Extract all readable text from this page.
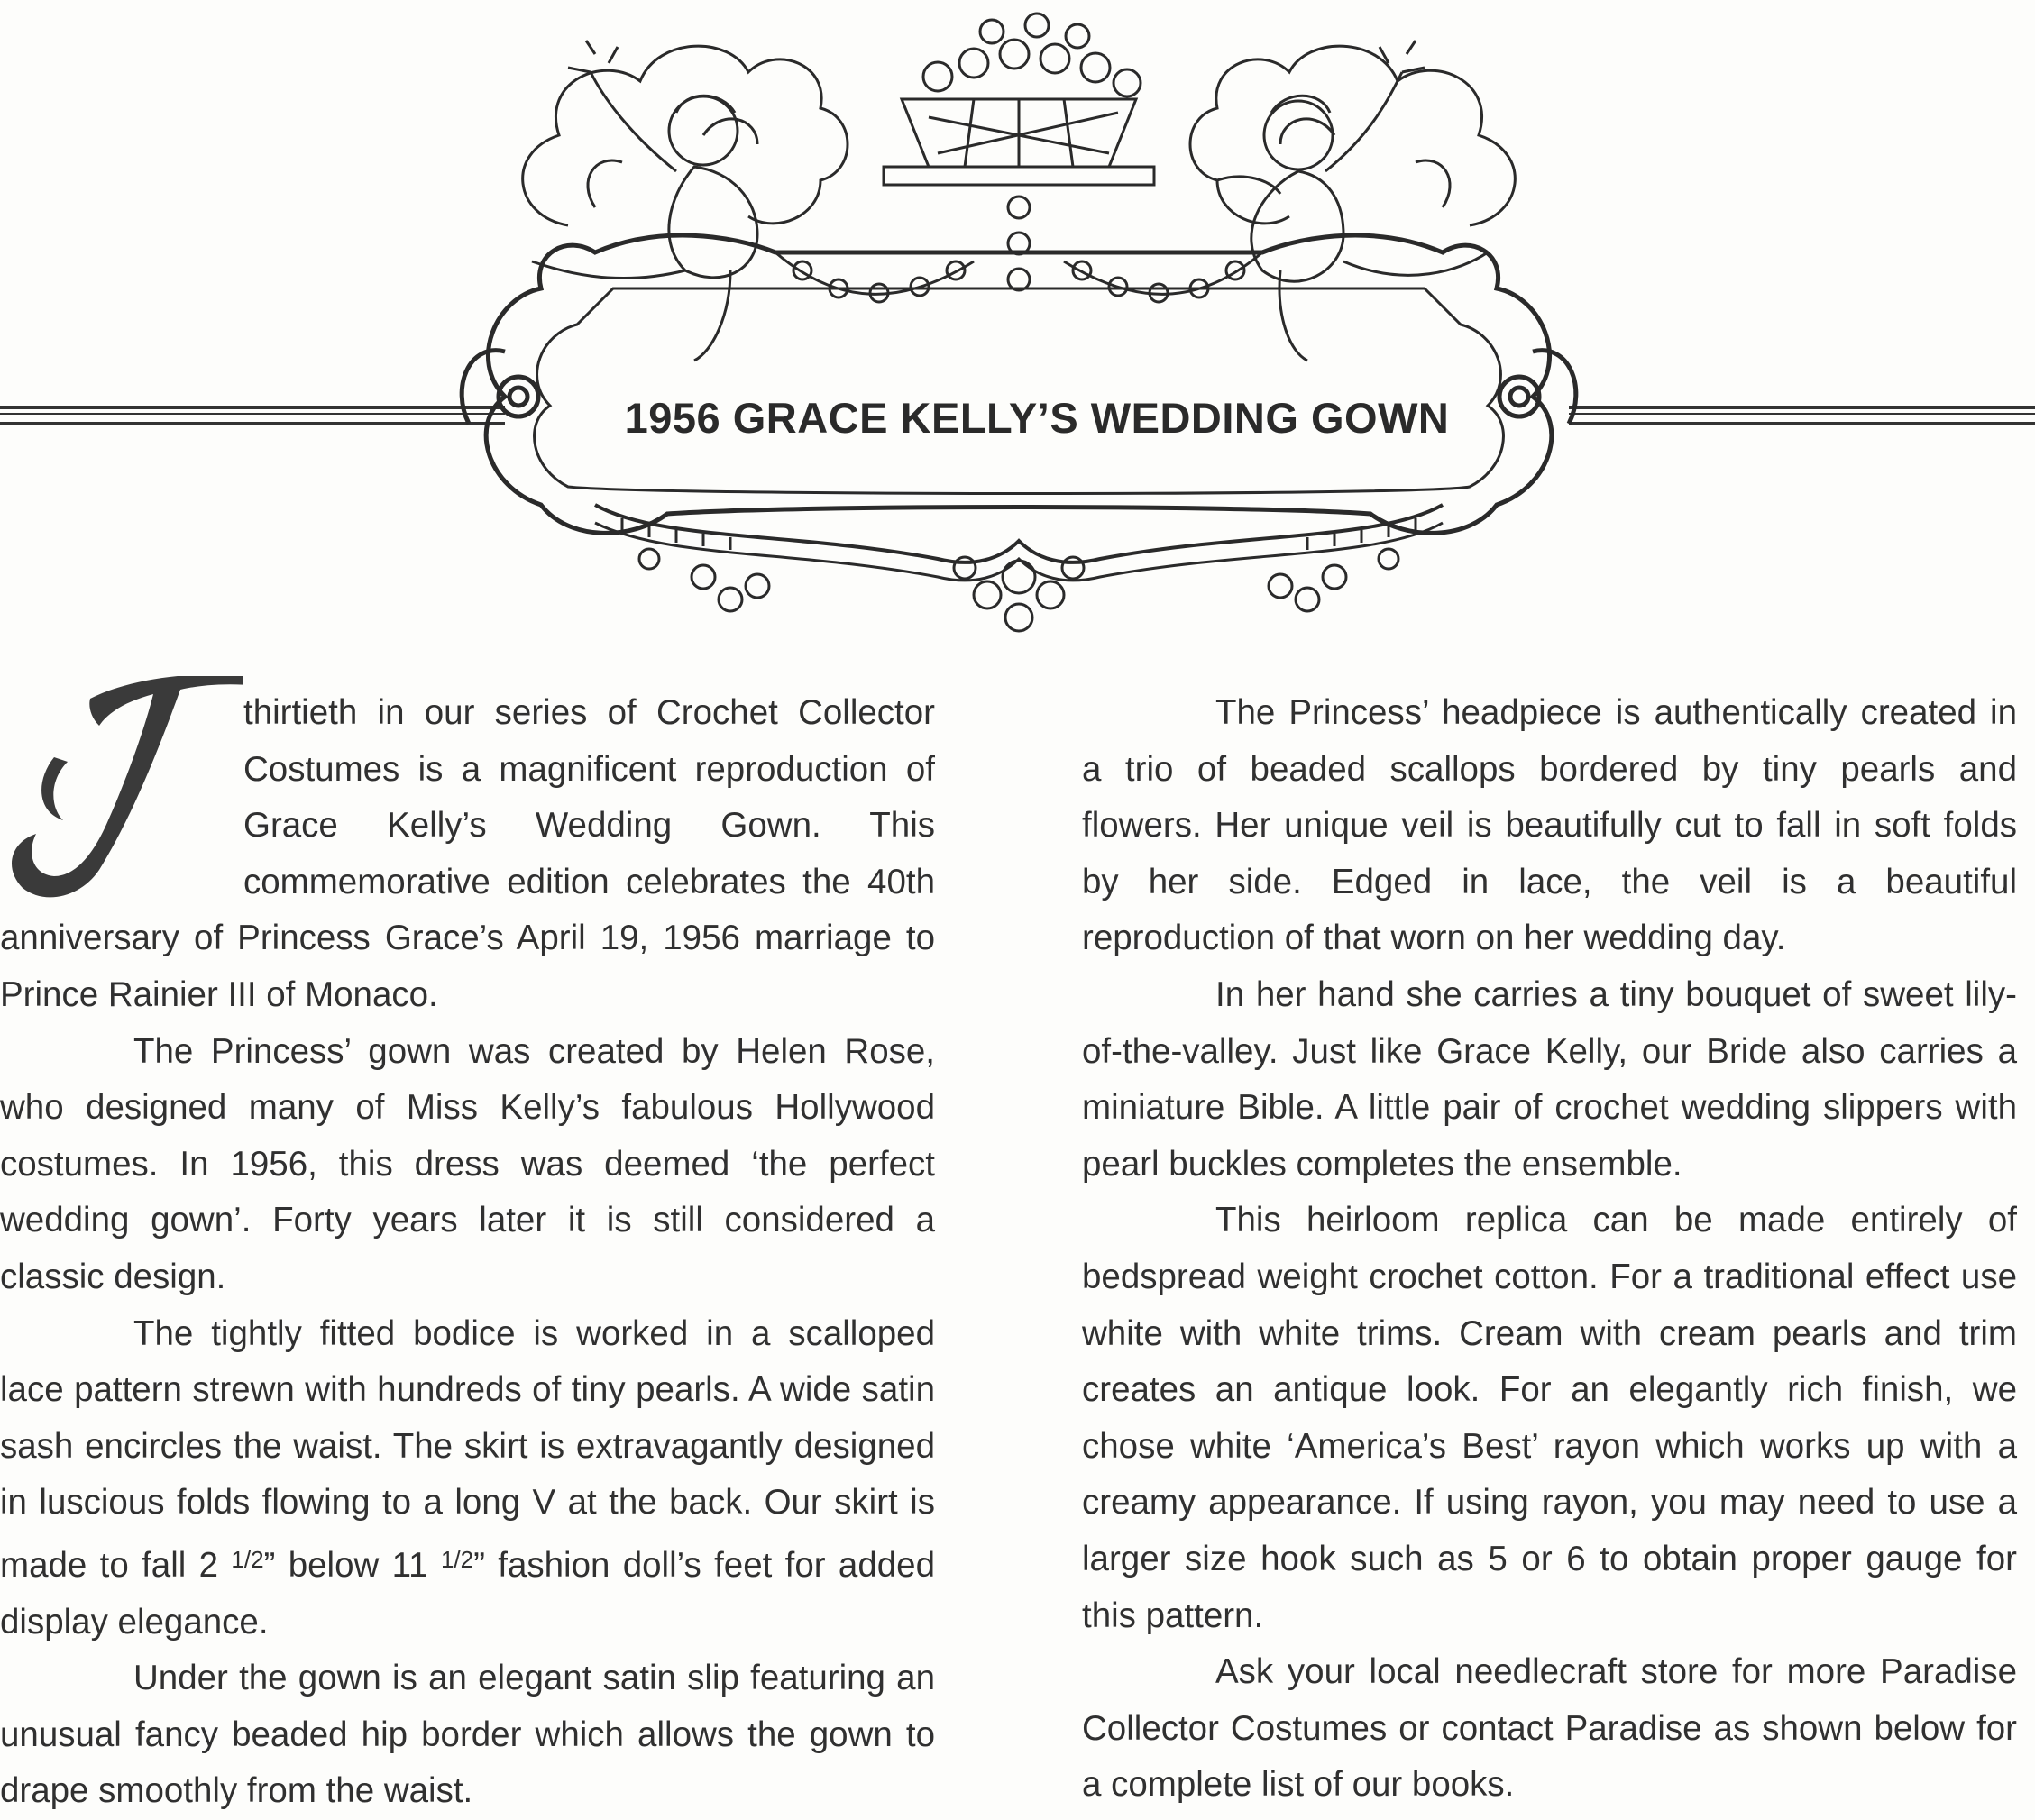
1956 GRACE KELLY’S WEDDING GOWN

thirtieth in our series of Crochet Collector Costumes is a magnificent reproduction of Grace Kelly’s Wedding Gown. This commemorative edition celebrates the 40th anniversary of Princess Grace’s April 19, 1956 marriage to Prince Rainier III of Monaco.

The Princess’ gown was created by Helen Rose, who designed many of Miss Kelly’s fabulous Hollywood costumes. In 1956, this dress was deemed ‘the perfect wedding gown’. Forty years later it is still considered a classic design.

The tightly fitted bodice is worked in a scalloped lace pattern strewn with hundreds of tiny pearls. A wide satin sash encircles the waist. The skirt is extravagantly designed in luscious folds flowing to a long V at the back. Our skirt is made to fall 2 $^{1/2}$” below 11 $^{1/2}$” fashion doll’s feet for added display elegance.

Under the gown is an elegant satin slip featuring an unusual fancy beaded hip border which allows the gown to drape smoothly from the waist.

The Princess’ headpiece is authentically created in a trio of beaded scallops bordered by tiny pearls and flowers. Her unique veil is beautifully cut to fall in soft folds by her side. Edged in lace, the veil is a beautiful reproduction of that worn on her wedding day.

In her hand she carries a tiny bouquet of sweet lily-of-the-valley. Just like Grace Kelly, our Bride also carries a miniature Bible. A little pair of crochet wedding slippers with pearl buckles completes the ensemble.

This heirloom replica can be made entirely of bedspread weight crochet cotton. For a traditional effect use white with white trims. Cream with cream pearls and trim creates an antique look. For an elegantly rich finish, we chose white ‘America’s Best’ rayon which works up with a creamy appearance. If using rayon, you may need to use a larger size hook such as 5 or 6 to obtain proper gauge for this pattern.

Ask your local needlecraft store for more Paradise Collector Costumes or contact Paradise as shown below for a complete list of our books.
